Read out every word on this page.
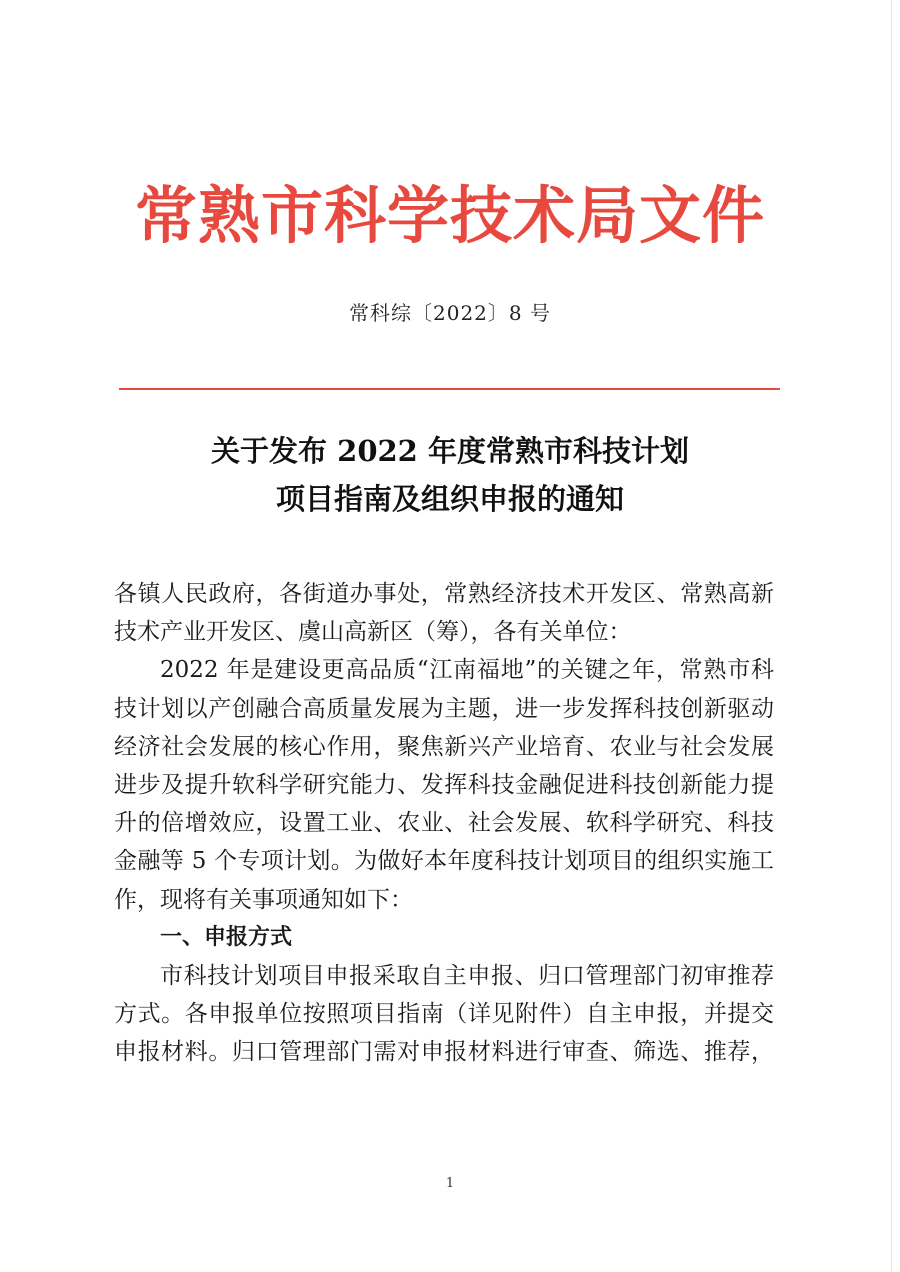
常熟市科学技术局文件
常科综〔2022〕8 号
关于发布 2022 年度常熟市科技计划
项目指南及组织申报的通知
各镇人民政府，各街道办事处，常熟经济技术开发区、常熟高新
技术产业开发区、虞山高新区（筹），各有关单位：
2022 年是建设更高品质“江南福地”的关键之年，常熟市科
技计划以产创融合高质量发展为主题，进一步发挥科技创新驱动
经济社会发展的核心作用，聚焦新兴产业培育、农业与社会发展
进步及提升软科学研究能力、发挥科技金融促进科技创新能力提
升的倍增效应，设置工业、农业、社会发展、软科学研究、科技
金融等 5 个专项计划。为做好本年度科技计划项目的组织实施工
作，现将有关事项通知如下：
一、申报方式
市科技计划项目申报采取自主申报、归口管理部门初审推荐
方式。各申报单位按照项目指南（详见附件）自主申报，并提交
申报材料。归口管理部门需对申报材料进行审查、筛选、推荐，
1
